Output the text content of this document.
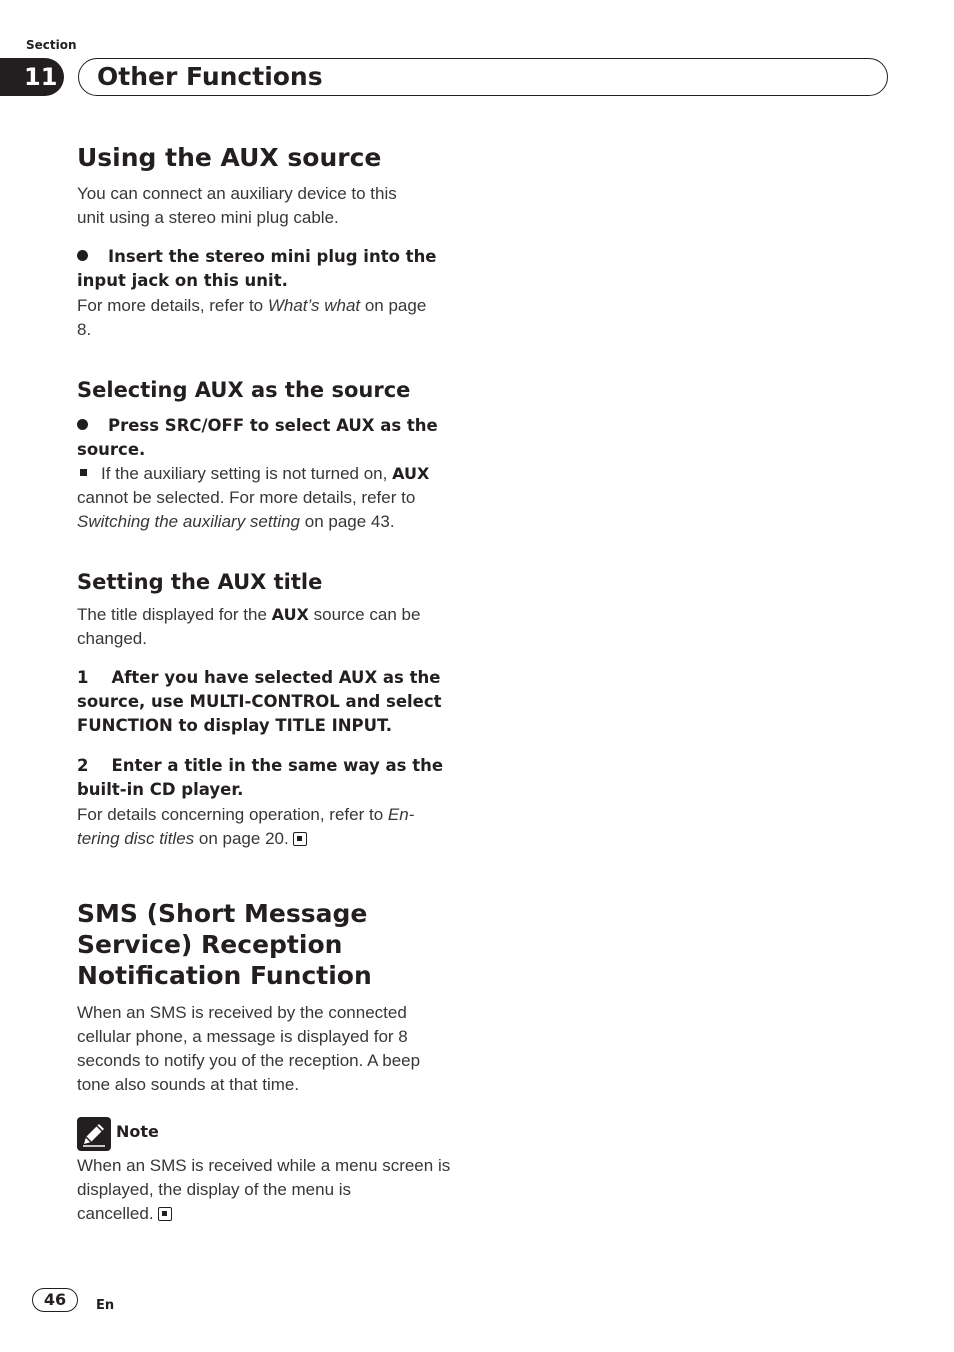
Section
11 Other Functions
Using the AUX source
You can connect an auxiliary device to this
unit using a stereo mini plug cable.
Insert the stereo mini plug into the
input jack on this unit.
For more details, refer to What’s what on page
8.
Selecting AUX as the source
Press SRC/OFF to select AUX as the
source.
If the auxiliary setting is not turned on, AUX
cannot be selected. For more details, refer to
Switching the auxiliary setting on page 43.
Setting the AUX title
The title displayed for the AUX source can be
changed.
1    After you have selected AUX as the
source, use MULTI-CONTROL and select
FUNCTION to display TITLE INPUT.
2    Enter a title in the same way as the
built-in CD player.
For details concerning operation, refer to En-
tering disc titles on page 20.
SMS (Short Message
Service) Reception
Notification Function
When an SMS is received by the connected
cellular phone, a message is displayed for 8
seconds to notify you of the reception. A beep
tone also sounds at that time.
Note
When an SMS is received while a menu screen is
displayed, the display of the menu is
cancelled.
46	En
